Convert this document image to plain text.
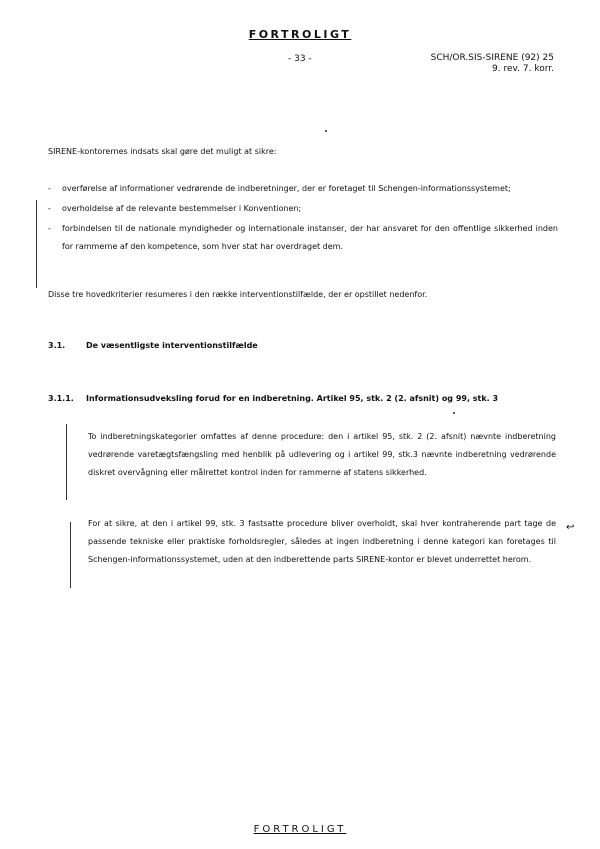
FORTROLIGT
- 33 -	SCH/OR.SIS-SIRENE (92) 25
9. rev. 7. korr.
SIRENE-kontorernes indsats skal gøre det muligt at sikre:
- overførelse af informationer vedrørende de indberetninger, der er foretaget til Schengen-informationssystemet;
- overholdelse af de relevante bestemmelser i Konventionen;
- forbindelsen til de nationale myndigheder og internationale instanser, der har ansvaret for den offentlige sikkerhed inden for rammerne af den kompetence, som hver stat har overdraget dem.
Disse tre hovedkriterier resumeres i den række interventionstilfælde, der er opstillet nedenfor.
3.1.	De væsentligste interventionstilfælde
3.1.1. Informationsudveksling forud for en indberetning. Artikel 95, stk. 2 (2. afsnit) og 99, stk. 3
To indberetningskategorier omfattes af denne procedure: den i artikel 95, stk. 2 (2. afsnit) nævnte indberetning vedrørende varetægtsfængsling med henblik på udlevering og i artikel 99, stk.3 nævnte indberetning vedrørende diskret overvågning eller målrettet kontrol inden for rammerne af statens sikkerhed.
For at sikre, at den i artikel 99, stk. 3 fastsatte procedure bliver overholdt, skal hver kontraherende part tage de passende tekniske eller praktiske forholdsregler, således at ingen indberetning i denne kategori kan foretages til Schengen-informationssystemet, uden at den indberettende parts SIRENE-kontor er blevet underrettet herom.
↩
FORTROLIGT
